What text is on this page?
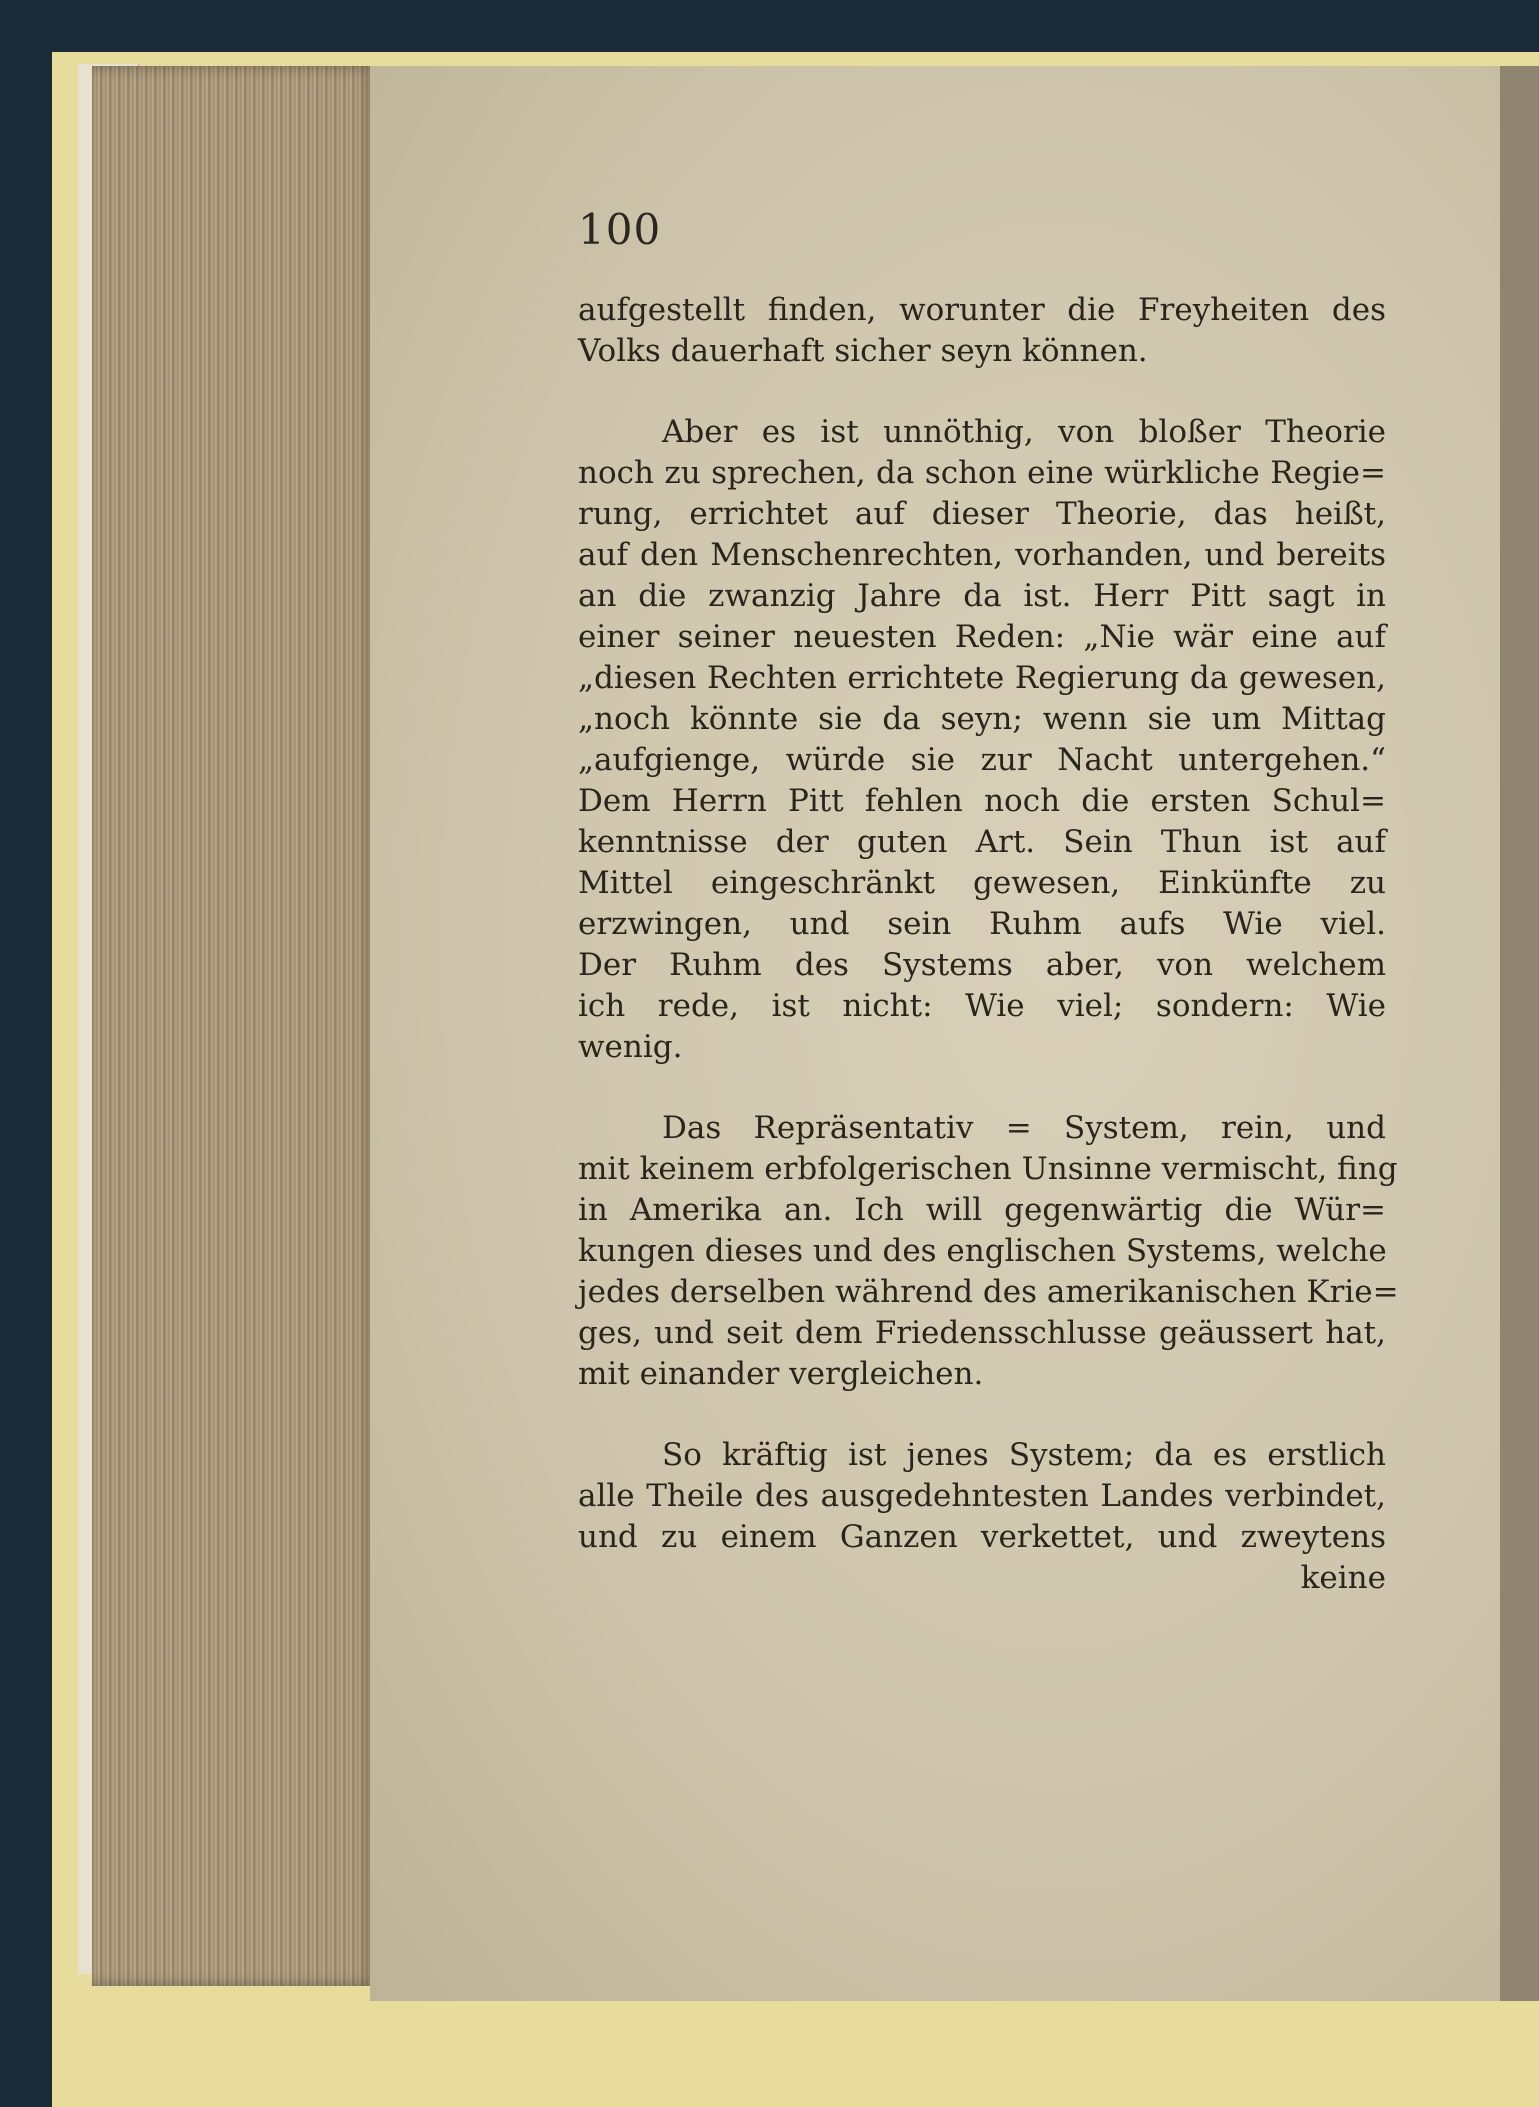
100
aufgestellt finden, worunter die Freyheiten des
Volks dauerhaft sicher seyn können.
Aber es ist unnöthig, von bloßer Theorie
noch zu sprechen, da schon eine würkliche Regie=
rung, errichtet auf dieser Theorie, das heißt,
auf den Menschenrechten, vorhanden, und bereits
an die zwanzig Jahre da ist. Herr Pitt sagt in
einer seiner neuesten Reden: „Nie wär eine auf
„diesen Rechten errichtete Regierung da gewesen,
„noch könnte sie da seyn; wenn sie um Mittag
„aufgienge, würde sie zur Nacht untergehen.“
Dem Herrn Pitt fehlen noch die ersten Schul=
kenntnisse der guten Art. Sein Thun ist auf
Mittel eingeschränkt gewesen, Einkünfte zu
erzwingen, und sein Ruhm aufs Wie viel.
Der Ruhm des Systems aber, von welchem
ich rede, ist nicht: Wie viel; sondern: Wie
wenig.
Das Repräsentativ = System, rein, und
mit keinem erbfolgerischen Unsinne vermischt, fing
in Amerika an. Ich will gegenwärtig die Wür=
kungen dieses und des englischen Systems, welche
jedes derselben während des amerikanischen Krie=
ges, und seit dem Friedensschlusse geäussert hat,
mit einander vergleichen.
So kräftig ist jenes System; da es erstlich
alle Theile des ausgedehntesten Landes verbindet,
und zu einem Ganzen verkettet, und zweytens
keine
